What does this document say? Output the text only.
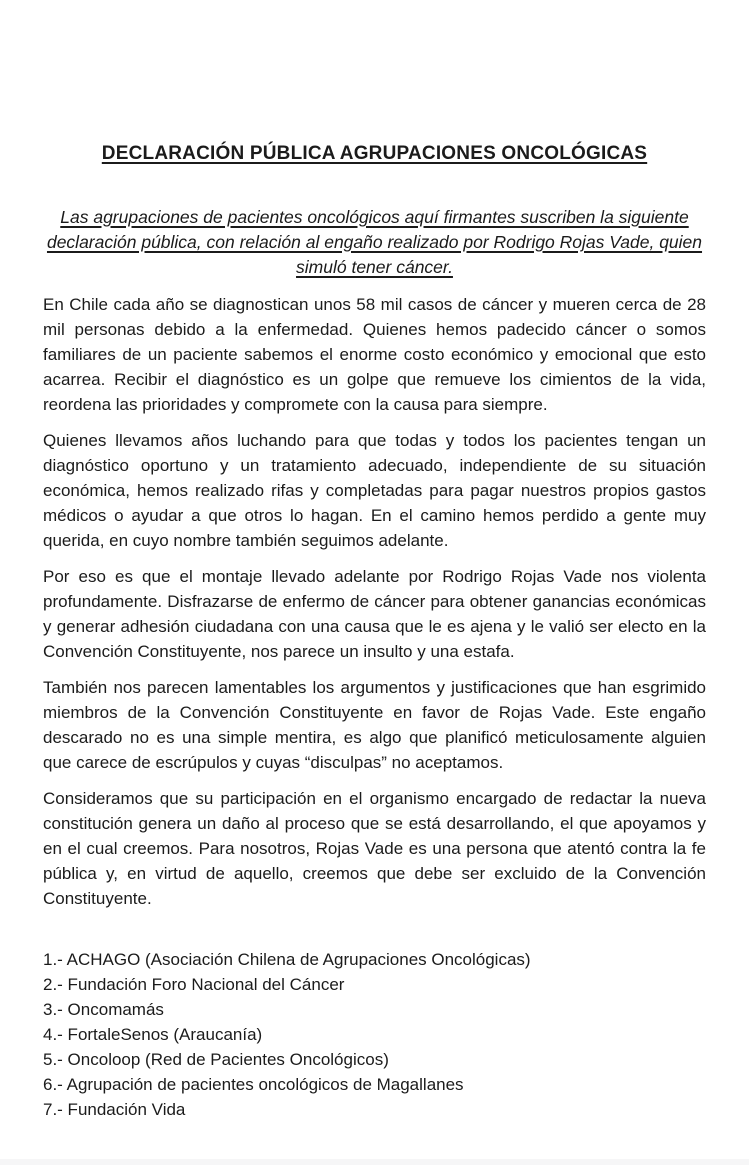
DECLARACIÓN PÚBLICA AGRUPACIONES ONCOLÓGICAS
Las agrupaciones de pacientes oncológicos aquí firmantes suscriben la siguiente declaración pública, con relación al engaño realizado por Rodrigo Rojas Vade, quien simuló tener cáncer.

En Chile cada año se diagnostican unos 58 mil casos de cáncer y mueren cerca de 28 mil personas debido a la enfermedad. Quienes hemos padecido cáncer o somos familiares de un paciente sabemos el enorme costo económico y emocional que esto acarrea. Recibir el diagnóstico es un golpe que remueve los cimientos de la vida, reordena las prioridades y compromete con la causa para siempre.

Quienes llevamos años luchando para que todas y todos los pacientes tengan un diagnóstico oportuno y un tratamiento adecuado, independiente de su situación económica, hemos realizado rifas y completadas para pagar nuestros propios gastos médicos o ayudar a que otros lo hagan. En el camino hemos perdido a gente muy querida, en cuyo nombre también seguimos adelante.

Por eso es que el montaje llevado adelante por Rodrigo Rojas Vade nos violenta profundamente. Disfrazarse de enfermo de cáncer para obtener ganancias económicas y generar adhesión ciudadana con una causa que le es ajena y le valió ser electo en la Convención Constituyente, nos parece un insulto y una estafa.

También nos parecen lamentables los argumentos y justificaciones que han esgrimido miembros de la Convención Constituyente en favor de Rojas Vade. Este engaño descarado no es una simple mentira, es algo que planificó meticulosamente alguien que carece de escrúpulos y cuyas “disculpas” no aceptamos.

Consideramos que su participación en el organismo encargado de redactar la nueva constitución genera un daño al proceso que se está desarrollando, el que apoyamos y en el cual creemos. Para nosotros, Rojas Vade es una persona que atentó contra la fe pública y, en virtud de aquello, creemos que debe ser excluido de la Convención Constituyente.

1.- ACHAGO (Asociación Chilena de Agrupaciones Oncológicas)
2.- Fundación Foro Nacional del Cáncer
3.- Oncomamás
4.- FortaleSenos (Araucanía)
5.- Oncoloop (Red de Pacientes Oncológicos)
6.- Agrupación de pacientes oncológicos de Magallanes
7.- Fundación Vida
